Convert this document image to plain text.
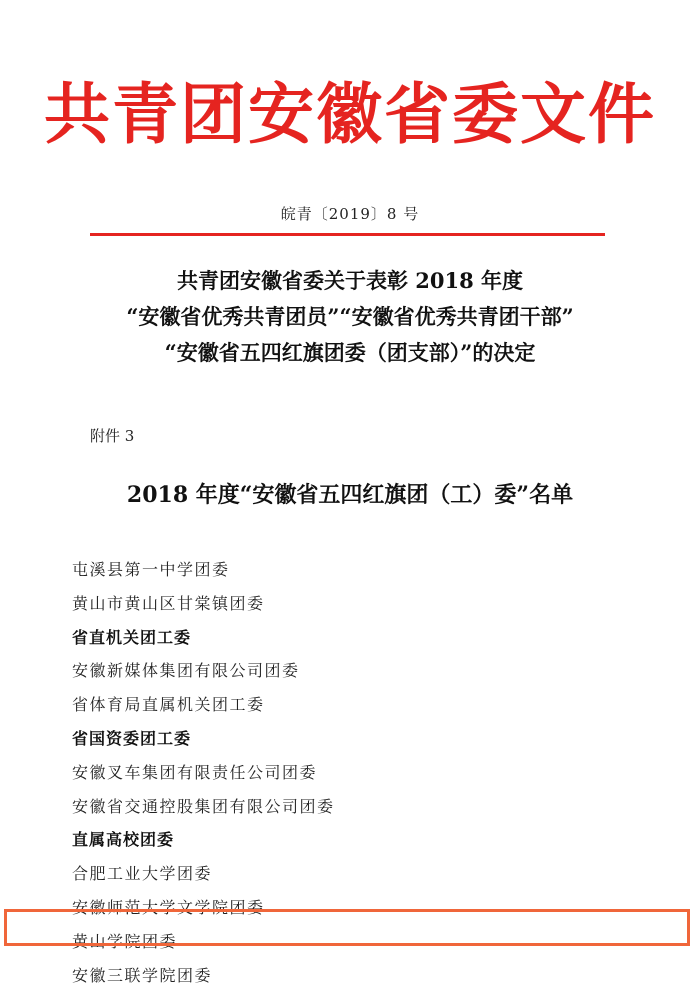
共青团安徽省委文件
皖青〔2019〕8 号
共青团安徽省委关于表彰 2018 年度
“安徽省优秀共青团员”“安徽省优秀共青团干部”
“安徽省五四红旗团委（团支部）”的决定
附件 3
2018 年度“安徽省五四红旗团（工）委”名单
屯溪县第一中学团委
黄山市黄山区甘棠镇团委
省直机关团工委
安徽新媒体集团有限公司团委
省体育局直属机关团工委
省国资委团工委
安徽叉车集团有限责任公司团委
安徽省交通控股集团有限公司团委
直属高校团委
合肥工业大学团委
安徽师范大学文学院团委
黄山学院团委
安徽三联学院团委
